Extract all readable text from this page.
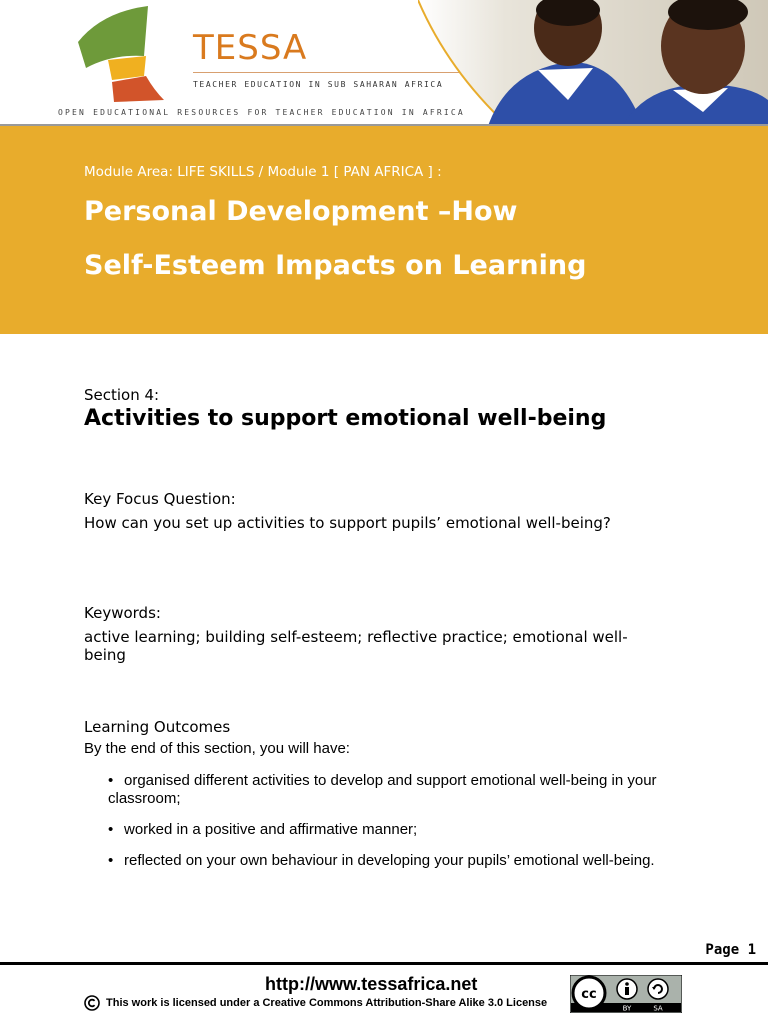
TESSA
TEACHER EDUCATION IN SUB SAHARAN AFRICA
OPEN EDUCATIONAL RESOURCES FOR TEACHER EDUCATION IN AFRICA
Module Area: LIFE SKILLS / Module 1 [ PAN AFRICA ] :
Personal Development –How
Self-Esteem Impacts on Learning
Section 4:
Activities to support emotional well-being
Key Focus Question:
How can you set up activities to support pupils’ emotional well-being?
Keywords:
active learning; building self-esteem; reflective practice; emotional well-being
Learning Outcomes
By the end of this section, you will have:
• organised different activities to develop and support emotional well-being in your classroom;
• worked in a positive and affirmative manner;
• reflected on your own behaviour in developing your pupils’ emotional well-being.
Page 1
http://www.tessafrica.net
This work is licensed under a Creative Commons Attribution-Share Alike 3.0 License
cc
BY	SA
